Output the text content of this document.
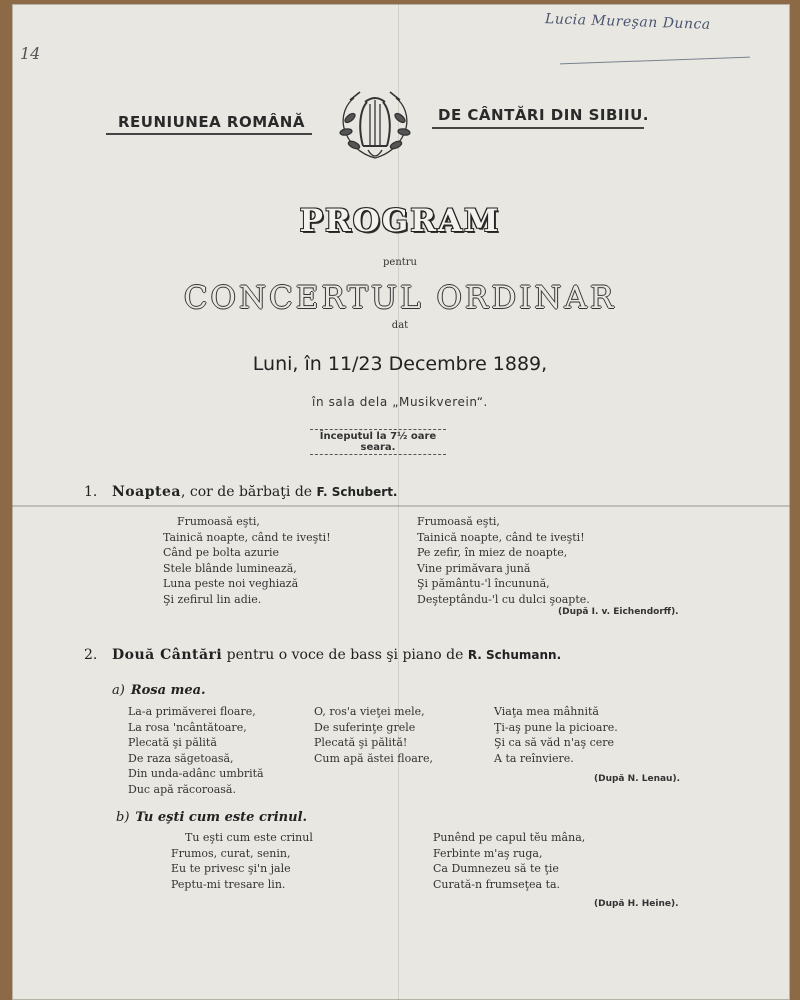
Lucia Mureşan Dunca
14
REUNIUNEA ROMÂNĂ	DE CÂNTĂRI DIN SIBIIU.
PROGRAM
pentru
CONCERTUL ORDINAR
dat
Luni, în 11/23 Decembre 1889,
în sala dela „Musikverein“.
Începutul la 7½ oare seara.
1. Noaptea, cor de bărbaţi de F. Schubert.
Frumoasă eşti,
Tainică noapte, când te iveşti!
Când pe bolta azurie
Stele blânde luminează,
Luna peste noi veghiază
Şi zefirul lin adie.
Frumoasă eşti,
Tainică noapte, când te iveşti!
Pe zefir, în miez de noapte,
Vine primăvara jună
Şi pământu-'l încunună,
Deşteptându-'l cu dulci şoapte.
(După I. v. Eichendorff).
2. Două Cântări pentru o voce de bass şi piano de R. Schumann.
a) Rosa mea.
La-a primăverei floare,
La rosa 'ncântătoare,
Plecată şi pălită
De raza săgetoasă,
Din unda-adânc umbrită
Duc apă răcoroasă.
O, ros'a vieţei mele,
De suferinţe grele
Plecată şi pălită!
Cum apă ăstei floare,
Viaţa mea mâhnită
Ţi-aş pune la picioare.
Şi ca să văd n'aş cere
A ta reînviere.
(După N. Lenau).
b) Tu eşti cum este crinul.
Tu eşti cum este crinul
Frumos, curat, senin,
Eu te privesc şi'n jale
Peptu-mi tresare lin.
Punênd pe capul tĕu mâna,
Ferbinte m'aş ruga,
Ca Dumnezeu să te ţie
Curată-n frumseţea ta.
(După H. Heine).
